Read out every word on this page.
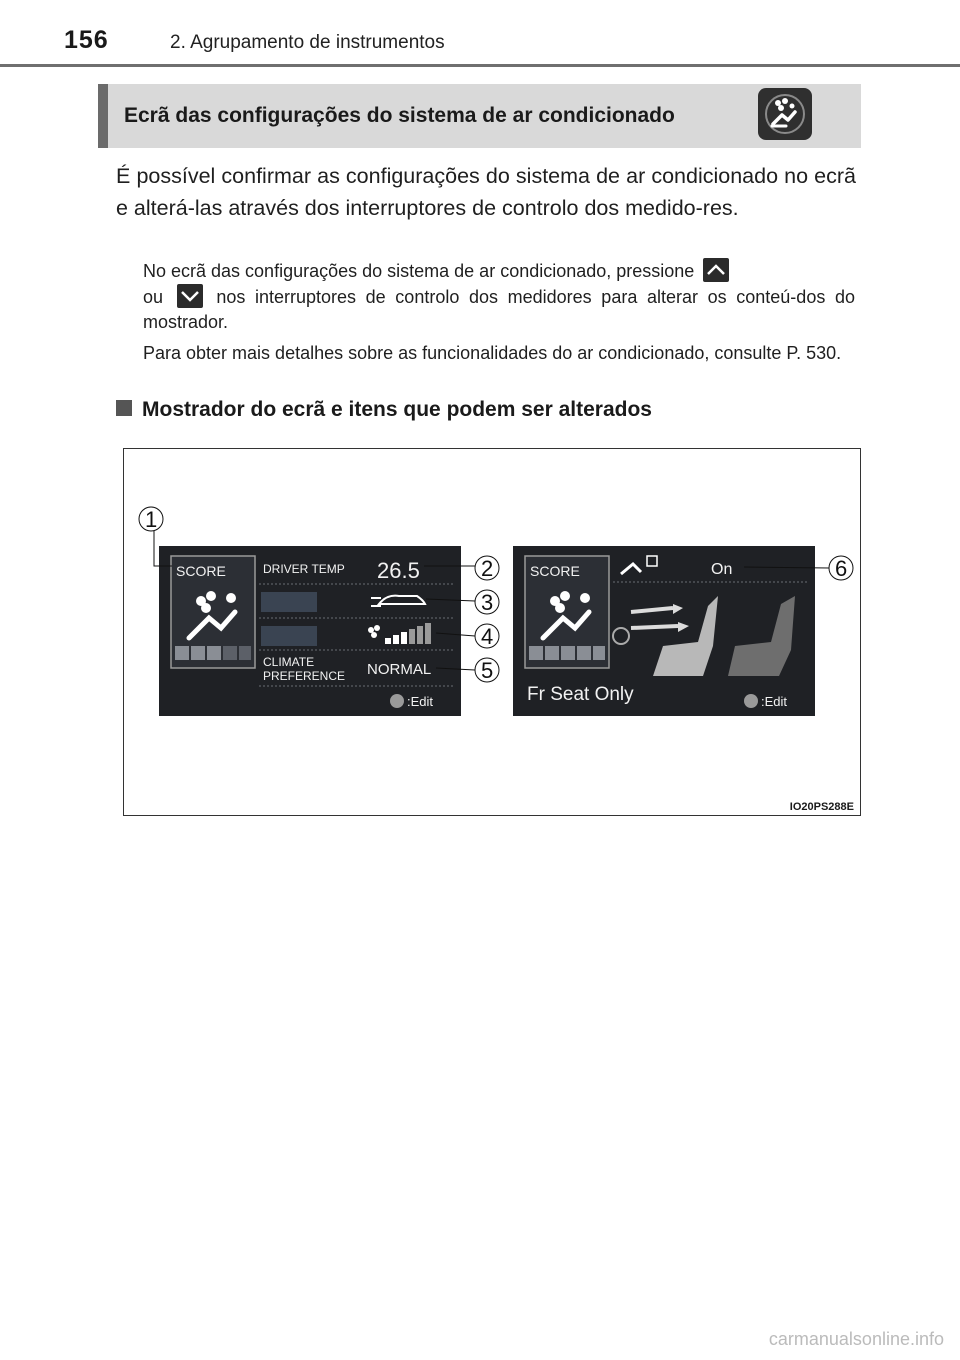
156	2. Agrupamento de instrumentos
Ecrã das configurações do sistema de ar condicionado
É possível confirmar as configurações do sistema de ar condicionado no ecrã e alterá-las através dos interruptores de controlo dos medido-res.
No ecrã das configurações do sistema de ar condicionado, pressione
ou	nos interruptores de controlo dos medidores para alterar os conteú-dos do mostrador.
Para obter mais detalhes sobre as funcionalidades do ar condicionado, consulte P. 530.
Mostrador do ecrã e itens que podem ser alterados
SCORE	DRIVER TEMP 26.5
CLIMATE
PREFERENCE NORMAL
:Edit
SCORE	On
Fr Seat Only	:Edit
1
2
3
4
5
6
IO20PS288E
carmanualsonline.info
